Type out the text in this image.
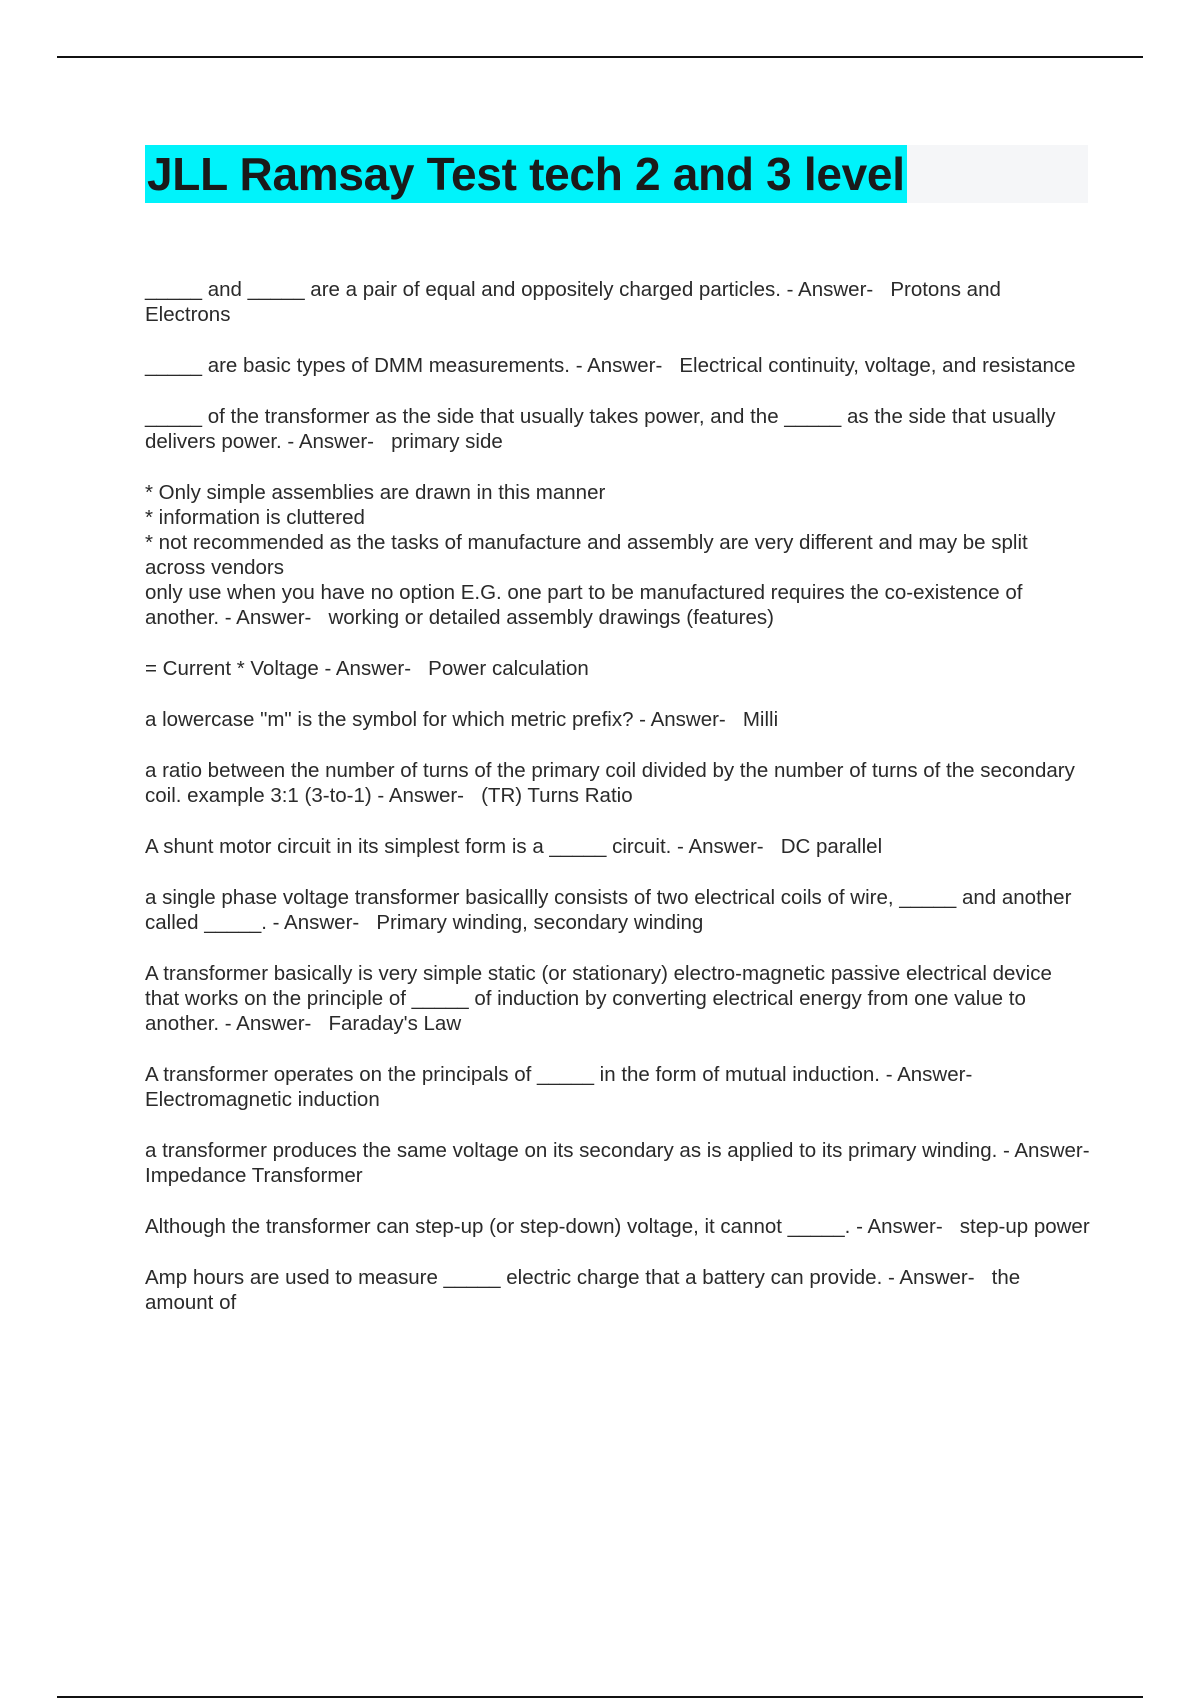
JLL Ramsay Test tech 2 and 3 level

_____ and _____ are a pair of equal and oppositely charged particles. - Answer- Protons and Electrons

_____ are basic types of DMM measurements. - Answer- Electrical continuity, voltage, and resistance

_____ of the transformer as the side that usually takes power, and the _____ as the side that usually delivers power. - Answer- primary side

* Only simple assemblies are drawn in this manner
* information is cluttered
* not recommended as the tasks of manufacture and assembly are very different and may be split across vendors
only use when you have no option E.G. one part to be manufactured requires the co-existence of another. - Answer- working or detailed assembly drawings (features)

= Current * Voltage - Answer- Power calculation

a lowercase "m" is the symbol for which metric prefix? - Answer- Milli

a ratio between the number of turns of the primary coil divided by the number of turns of the secondary coil. example 3:1 (3-to-1) - Answer- (TR) Turns Ratio

A shunt motor circuit in its simplest form is a _____ circuit. - Answer- DC parallel

a single phase voltage transformer basicallly consists of two electrical coils of wire, _____ and another called _____. - Answer- Primary winding, secondary winding

A transformer basically is very simple static (or stationary) electro-magnetic passive electrical device that works on the principle of _____ of induction by converting electrical energy from one value to another. - Answer- Faraday's Law

A transformer operates on the principals of _____ in the form of mutual induction. - Answer-   Electromagnetic induction

a transformer produces the same voltage on its secondary as is applied to its primary winding. - Answer-   Impedance Transformer

Although the transformer can step-up (or step-down) voltage, it cannot _____. - Answer- step-up power

Amp hours are used to measure _____ electric charge that a battery can provide. - Answer- the amount of
